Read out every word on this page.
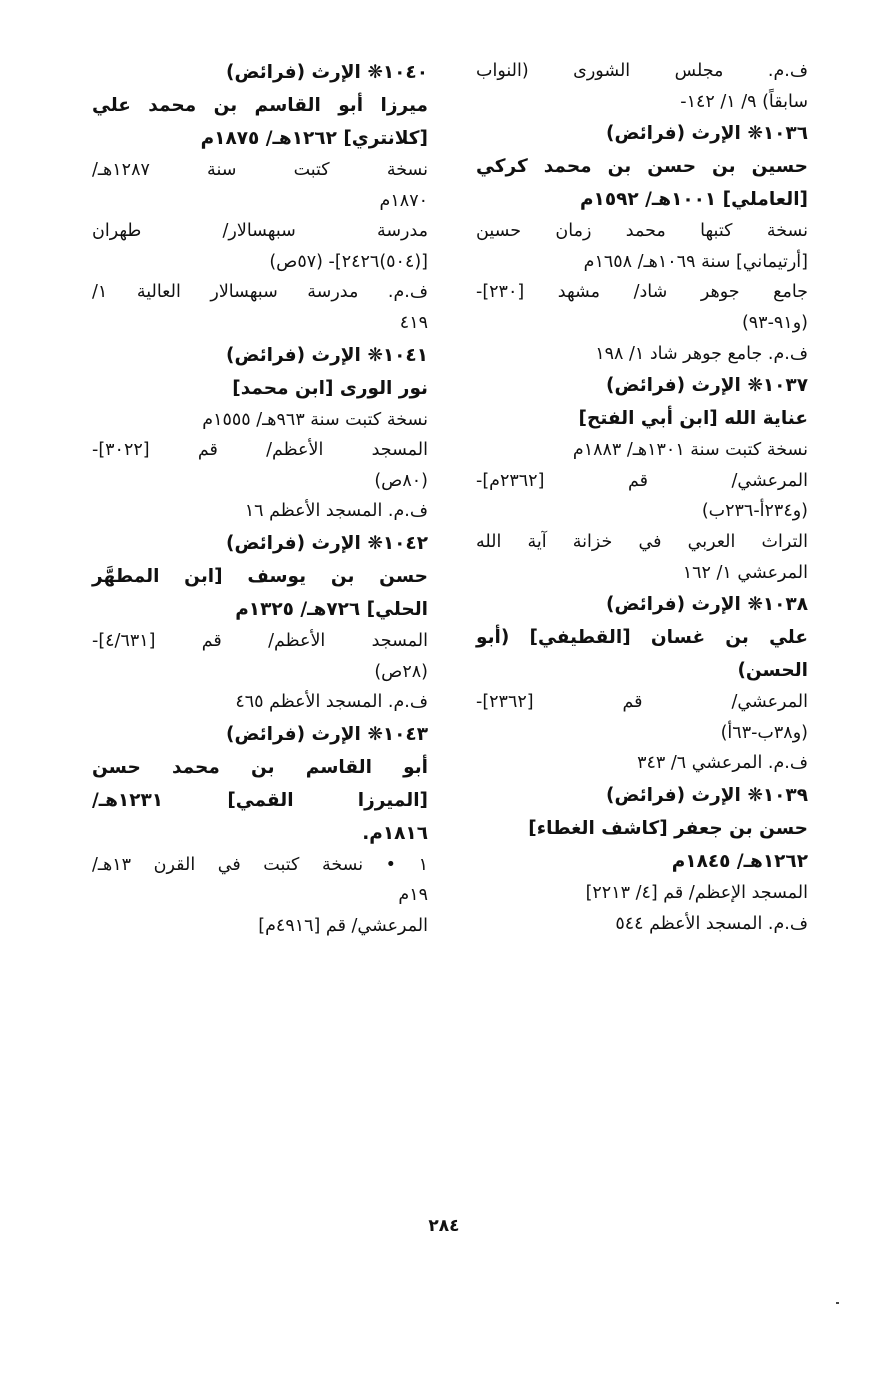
ف.م. مجلس الشورى (النواب
سابقاً) ٩/ ١/ ١٤٢-
١٠٣٦❋ الإرث (فرائض)
حسين بن حسن بن محمد كركي
[العاملي] ١٠٠١هـ/ ١٥٩٢م
نسخة كتبها محمد زمان حسين
[أرتيماني] سنة ١٠٦٩هـ/ ١٦٥٨م
جامع جوهر شاد/ مشهد [٢٣٠]-
(و٩١-٩٣)
ف.م. جامع جوهر شاد ١/ ١٩٨
١٠٣٧❋ الإرث (فرائض)
عناية الله [ابن أبي الفتح]
نسخة كتبت سنة ١٣٠١هـ/ ١٨٨٣م
المرعشي/ قم [٢٣٦٢م]-
(و٢٣٤أ-٢٣٦ب)
التراث العربي في خزانة آية الله
المرعشي ١/ ١٦٢
١٠٣٨❋ الإرث (فرائض)
علي بن غسان [القطيفي] (أبو
الحسن)
المرعشي/ قم [٢٣٦٢]-
(و٣٨ب-٦٣أ)
ف.م. المرعشي ٦/ ٣٤٣
١٠٣٩❋ الإرث (فرائض)
حسن بن جعفر [كاشف الغطاء]
١٢٦٢هـ/ ١٨٤٥م
المسجد الإعظم/ قم [٤/ ٢٢١٣]
ف.م. المسجد الأعظم ٥٤٤
١٠٤٠❋ الإرث (فرائض)
ميرزا أبو القاسم بن محمد علي
[كلانتري] ١٢٦٢هـ/ ١٨٧٥م
نسخة كتبت سنة ١٢٨٧هـ/
١٨٧٠م
مدرسة سبهسالار/ طهران
[(٥٠٤)٢٤٢٦]- (٥٧ص)
ف.م. مدرسة سبهسالار العالية ١/
٤١٩
١٠٤١❋ الإرث (فرائض)
نور الورى [ابن محمد]
نسخة كتبت سنة ٩٦٣هـ/ ١٥٥٥م
المسجد الأعظم/ قم [٣٠٢٢]-
(٨٠ص)
ف.م. المسجد الأعظم ١٦
١٠٤٢❋ الإرث (فرائض)
حسن بن يوسف [ابن المطهَّر
الحلي] ٧٢٦هـ/ ١٣٢٥م
المسجد الأعظم/ قم [٤/٦٣١]-
(٢٨ص)
ف.م. المسجد الأعظم ٤٦٥
١٠٤٣❋ الإرث (فرائض)
أبو القاسم بن محمد حسن
[الميرزا القمي] ١٢٣١هـ/
١٨١٦م.
١ • نسخة كتبت في القرن ١٣هـ/
١٩م
المرعشي/ قم [٤٩١٦م]
٢٨٤
